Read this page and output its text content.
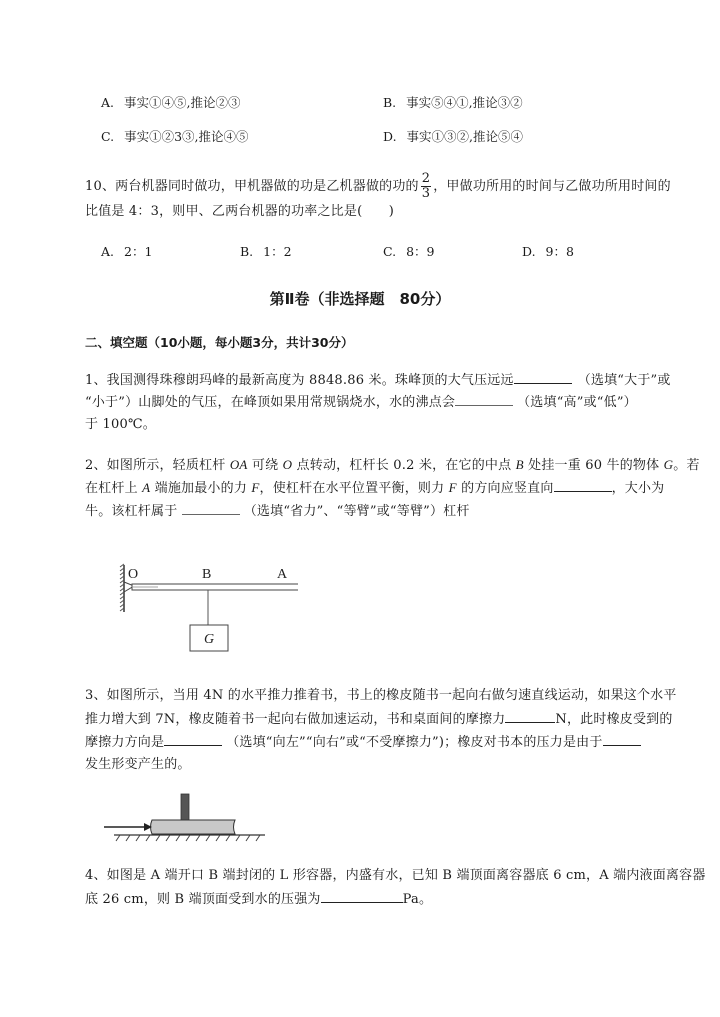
A. 事实①④⑤,推论②③	B. 事实⑤④①,推论③②
C. 事实①②3③,推论④⑤	D. 事实①③②,推论⑤④
10、两台机器同时做功，甲机器做的功是乙机器做的功的 $\frac{2}{3}$ ，甲做功所用的时间与乙做功所用时间的
比值是 4：3，则甲、乙两台机器的功率之比是(　　)
A. 2：1	B. 1：2	C. 8：9	D. 9：8
第Ⅱ卷（非选择题　80分）
二、填空题（10小题，每小题3分，共计30分）
1、我国测得珠穆朗玛峰的最新高度为 8848.86 米。珠峰顶的大气压远远	（选填“大于”或
“小于”）山脚处的气压，在峰顶如果用常规锅烧水，水的沸点会	（选填“高”或“低”）
于 100℃。
2、如图所示，轻质杠杆 OA 可绕 O 点转动，杠杆长 0.2 米，在它的中点 B 处挂一重 60 牛的物体 G。若
在杠杆上 A 端施加最小的力 F，使杠杆在水平位置平衡，则力 F 的方向应竖直向	，大小为
牛。该杠杆属于	（选填“省力”、“等臂”或“等臂”）杠杆
G
O	B	A
3、如图所示，当用 4N 的水平推力推着书，书上的橡皮随书一起向右做匀速直线运动，如果这个水平
推力增大到 7N，橡皮随着书一起向右做加速运动，书和桌面间的摩擦力	N，此时橡皮受到的
摩擦力方向是	（选填“向左”“向右”或“不受摩擦力”)；橡皮对书本的压力是由于
发生形变产生的。
4、如图是 A 端开口 B 端封闭的 L 形容器，内盛有水，已知 B 端顶面离容器底 6 cm，A 端内液面离容器
底 26 cm，则 B 端顶面受到水的压强为	Pa。
